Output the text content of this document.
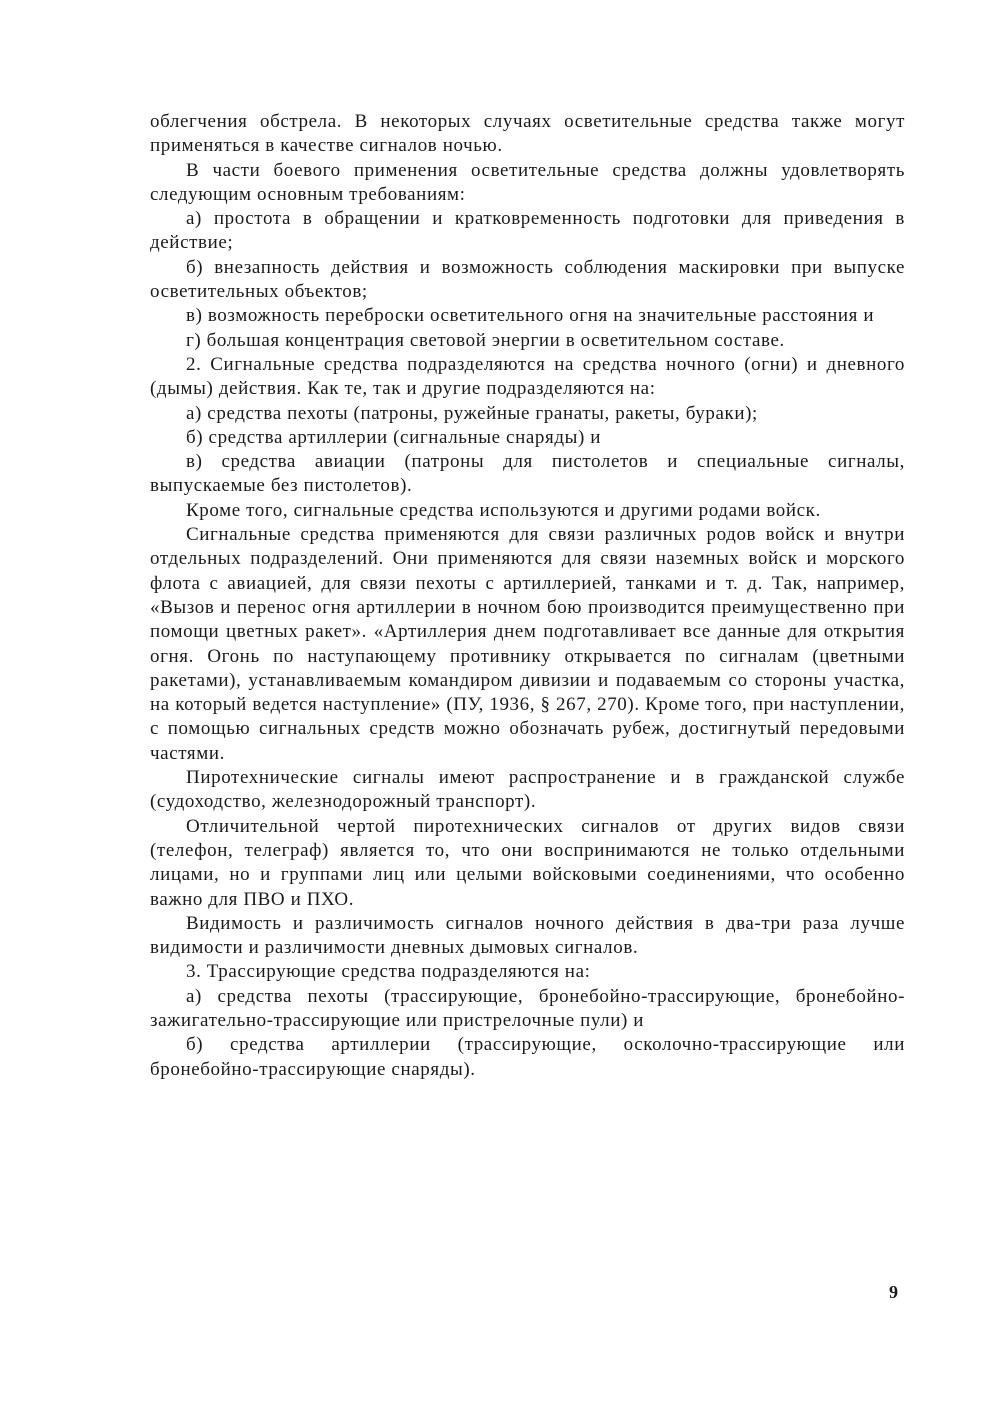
облегчения обстрела. В некоторых случаях осветительные средства также могут применяться в качестве сигналов ночью.

В части боевого применения осветительные средства должны удовлетворять следующим основным требованиям:

а) простота в обращении и кратковременность подготовки для приведения в действие;

б) внезапность действия и возможность соблюдения маскировки при выпуске осветительных объектов;

в) возможность переброски осветительного огня на значительные расстояния и

г) большая концентрация световой энергии в осветительном составе.

2. Сигнальные средства подразделяются на средства ночного (огни) и дневного (дымы) действия. Как те, так и другие подразделяются на:

а) средства пехоты (патроны, ружейные гранаты, ракеты, бураки);

б) средства артиллерии (сигнальные снаряды) и

в) средства авиации (патроны для пистолетов и специальные сигналы, выпускаемые без пистолетов).

Кроме того, сигнальные средства используются и другими родами войск.

Сигнальные средства применяются для связи различных родов войск и внутри отдельных подразделений. Они применяются для связи наземных войск и морского флота с авиацией, для связи пехоты с артиллерией, танками и т. д. Так, например, «Вызов и перенос огня артиллерии в ночном бою производится преимущественно при помощи цветных ракет». «Артиллерия днем подготавливает все данные для открытия огня. Огонь по наступающему противнику открывается по сигналам (цветными ракетами), устанавливаемым командиром дивизии и подаваемым со стороны участка, на который ведется наступление» (ПУ, 1936, § 267, 270). Кроме того, при наступлении, с помощью сигнальных средств можно обозначать рубеж, достигнутый передовыми частями.

Пиротехнические сигналы имеют распространение и в гражданской службе (судоходство, железнодорожный транспорт).

Отличительной чертой пиротехнических сигналов от других видов связи (телефон, телеграф) является то, что они воспринимаются не только отдельными лицами, но и группами лиц или целыми войсковыми соединениями, что особенно важно для ПВО и ПХО.

Видимость и различимость сигналов ночного действия в два-три раза лучше видимости и различимости дневных дымовых сигналов.

3. Трассирующие средства подразделяются на:

а) средства пехоты (трассирующие, бронебойно-трассирующие, бронебойно-зажигательно-трассирующие или пристрелочные пули) и

б) средства артиллерии (трассирующие, осколочно-трассирующие или бронебойно-трассирующие снаряды).

9
